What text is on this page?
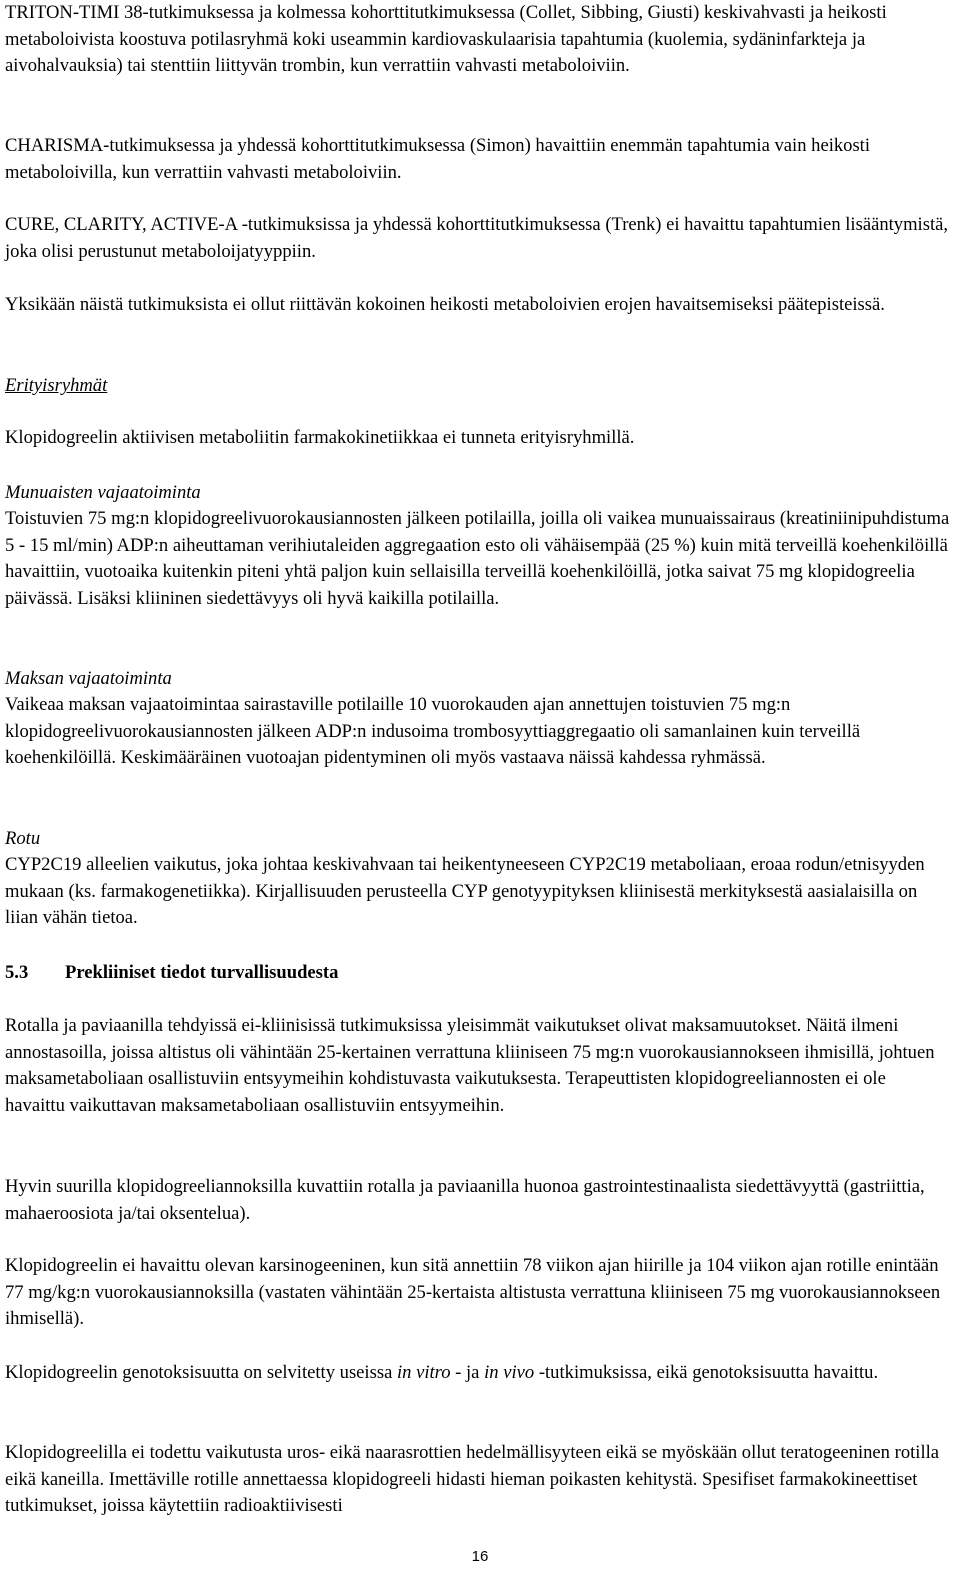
TRITON-TIMI 38-tutkimuksessa ja kolmessa kohorttitutkimuksessa (Collet, Sibbing, Giusti) keskivahvasti ja heikosti metaboloivista koostuva potilasryhmä koki useammin kardiovaskulaarisia tapahtumia (kuolemia, sydäninfarkteja ja aivohalvauksia) tai stenttiin liittyvän trombin, kun verrattiin vahvasti metaboloiviin.

CHARISMA-tutkimuksessa ja yhdessä kohorttitutkimuksessa (Simon) havaittiin enemmän tapahtumia vain heikosti metaboloivilla, kun verrattiin vahvasti metaboloiviin.

CURE, CLARITY, ACTIVE-A -tutkimuksissa ja yhdessä kohorttitutkimuksessa (Trenk) ei havaittu tapahtumien lisääntymistä, joka olisi perustunut metaboloijatyyppiin.

Yksikään näistä tutkimuksista ei ollut riittävän kokoinen heikosti metaboloivien erojen havaitsemiseksi päätepisteissä.

Erityisryhmät

Klopidogreelin aktiivisen metaboliitin farmakokinetiikkaa ei tunneta erityisryhmillä.

Munuaisten vajaatoiminta

Toistuvien 75 mg:n klopidogreelivuorokausiannosten jälkeen potilailla, joilla oli vaikea munuaissairaus (kreatiniinipuhdistuma 5 - 15 ml/min) ADP:n aiheuttaman verihiutaleiden aggregaation esto oli vähäisempää (25 %) kuin mitä terveillä koehenkilöillä havaittiin, vuotoaika kuitenkin piteni yhtä paljon kuin sellaisilla terveillä koehenkilöillä, jotka saivat 75 mg klopidogreelia päivässä. Lisäksi kliininen siedettävyys oli hyvä kaikilla potilailla.

Maksan vajaatoiminta

Vaikeaa maksan vajaatoimintaa sairastaville potilaille 10 vuorokauden ajan annettujen toistuvien 75 mg:n klopidogreelivuorokausiannosten jälkeen ADP:n indusoima trombosyyttiaggregaatio oli samanlainen kuin terveillä koehenkilöillä. Keskimääräinen vuotoajan pidentyminen oli myös vastaava näissä kahdessa ryhmässä.

Rotu

CYP2C19 alleelien vaikutus, joka johtaa keskivahvaan tai heikentyneeseen CYP2C19 metaboliaan, eroaa rodun/etnisyyden mukaan (ks. farmakogenetiikka). Kirjallisuuden perusteella CYP genotyypityksen kliinisestä merkityksestä aasialaisilla on liian vähän tietoa.

5.3 Prekliiniset tiedot turvallisuudesta

Rotalla ja paviaanilla tehdyissä ei-kliinisissä tutkimuksissa yleisimmät vaikutukset olivat maksamuutokset. Näitä ilmeni annostasoilla, joissa altistus oli vähintään 25-kertainen verrattuna kliiniseen 75 mg:n vuorokausiannokseen ihmisillä, johtuen maksametaboliaan osallistuviin entsyymeihin kohdistuvasta vaikutuksesta. Terapeuttisten klopidogreeliannosten ei ole havaittu vaikuttavan maksametaboliaan osallistuviin entsyymeihin.

Hyvin suurilla klopidogreeliannoksilla kuvattiin rotalla ja paviaanilla huonoa gastrointestinaalista siedettävyyttä (gastriittia, mahaeroosiota ja/tai oksentelua).

Klopidogreelin ei havaittu olevan karsinogeeninen, kun sitä annettiin 78 viikon ajan hiirille ja 104 viikon ajan rotille enintään 77 mg/kg:n vuorokausiannoksilla (vastaten vähintään 25-kertaista altistusta verrattuna kliiniseen 75 mg vuorokausiannokseen ihmisellä).

Klopidogreelin genotoksisuutta on selvitetty useissa in vitro - ja in vivo -tutkimuksissa, eikä genotoksisuutta havaittu.

Klopidogreelilla ei todettu vaikutusta uros- eikä naarasrottien hedelmällisyyteen eikä se myöskään ollut teratogeeninen rotilla eikä kaneilla. Imettäville rotille annettaessa klopidogreeli hidasti hieman poikasten kehitystä. Spesifiset farmakokineettiset tutkimukset, joissa käytettiin radioaktiivisesti

16
